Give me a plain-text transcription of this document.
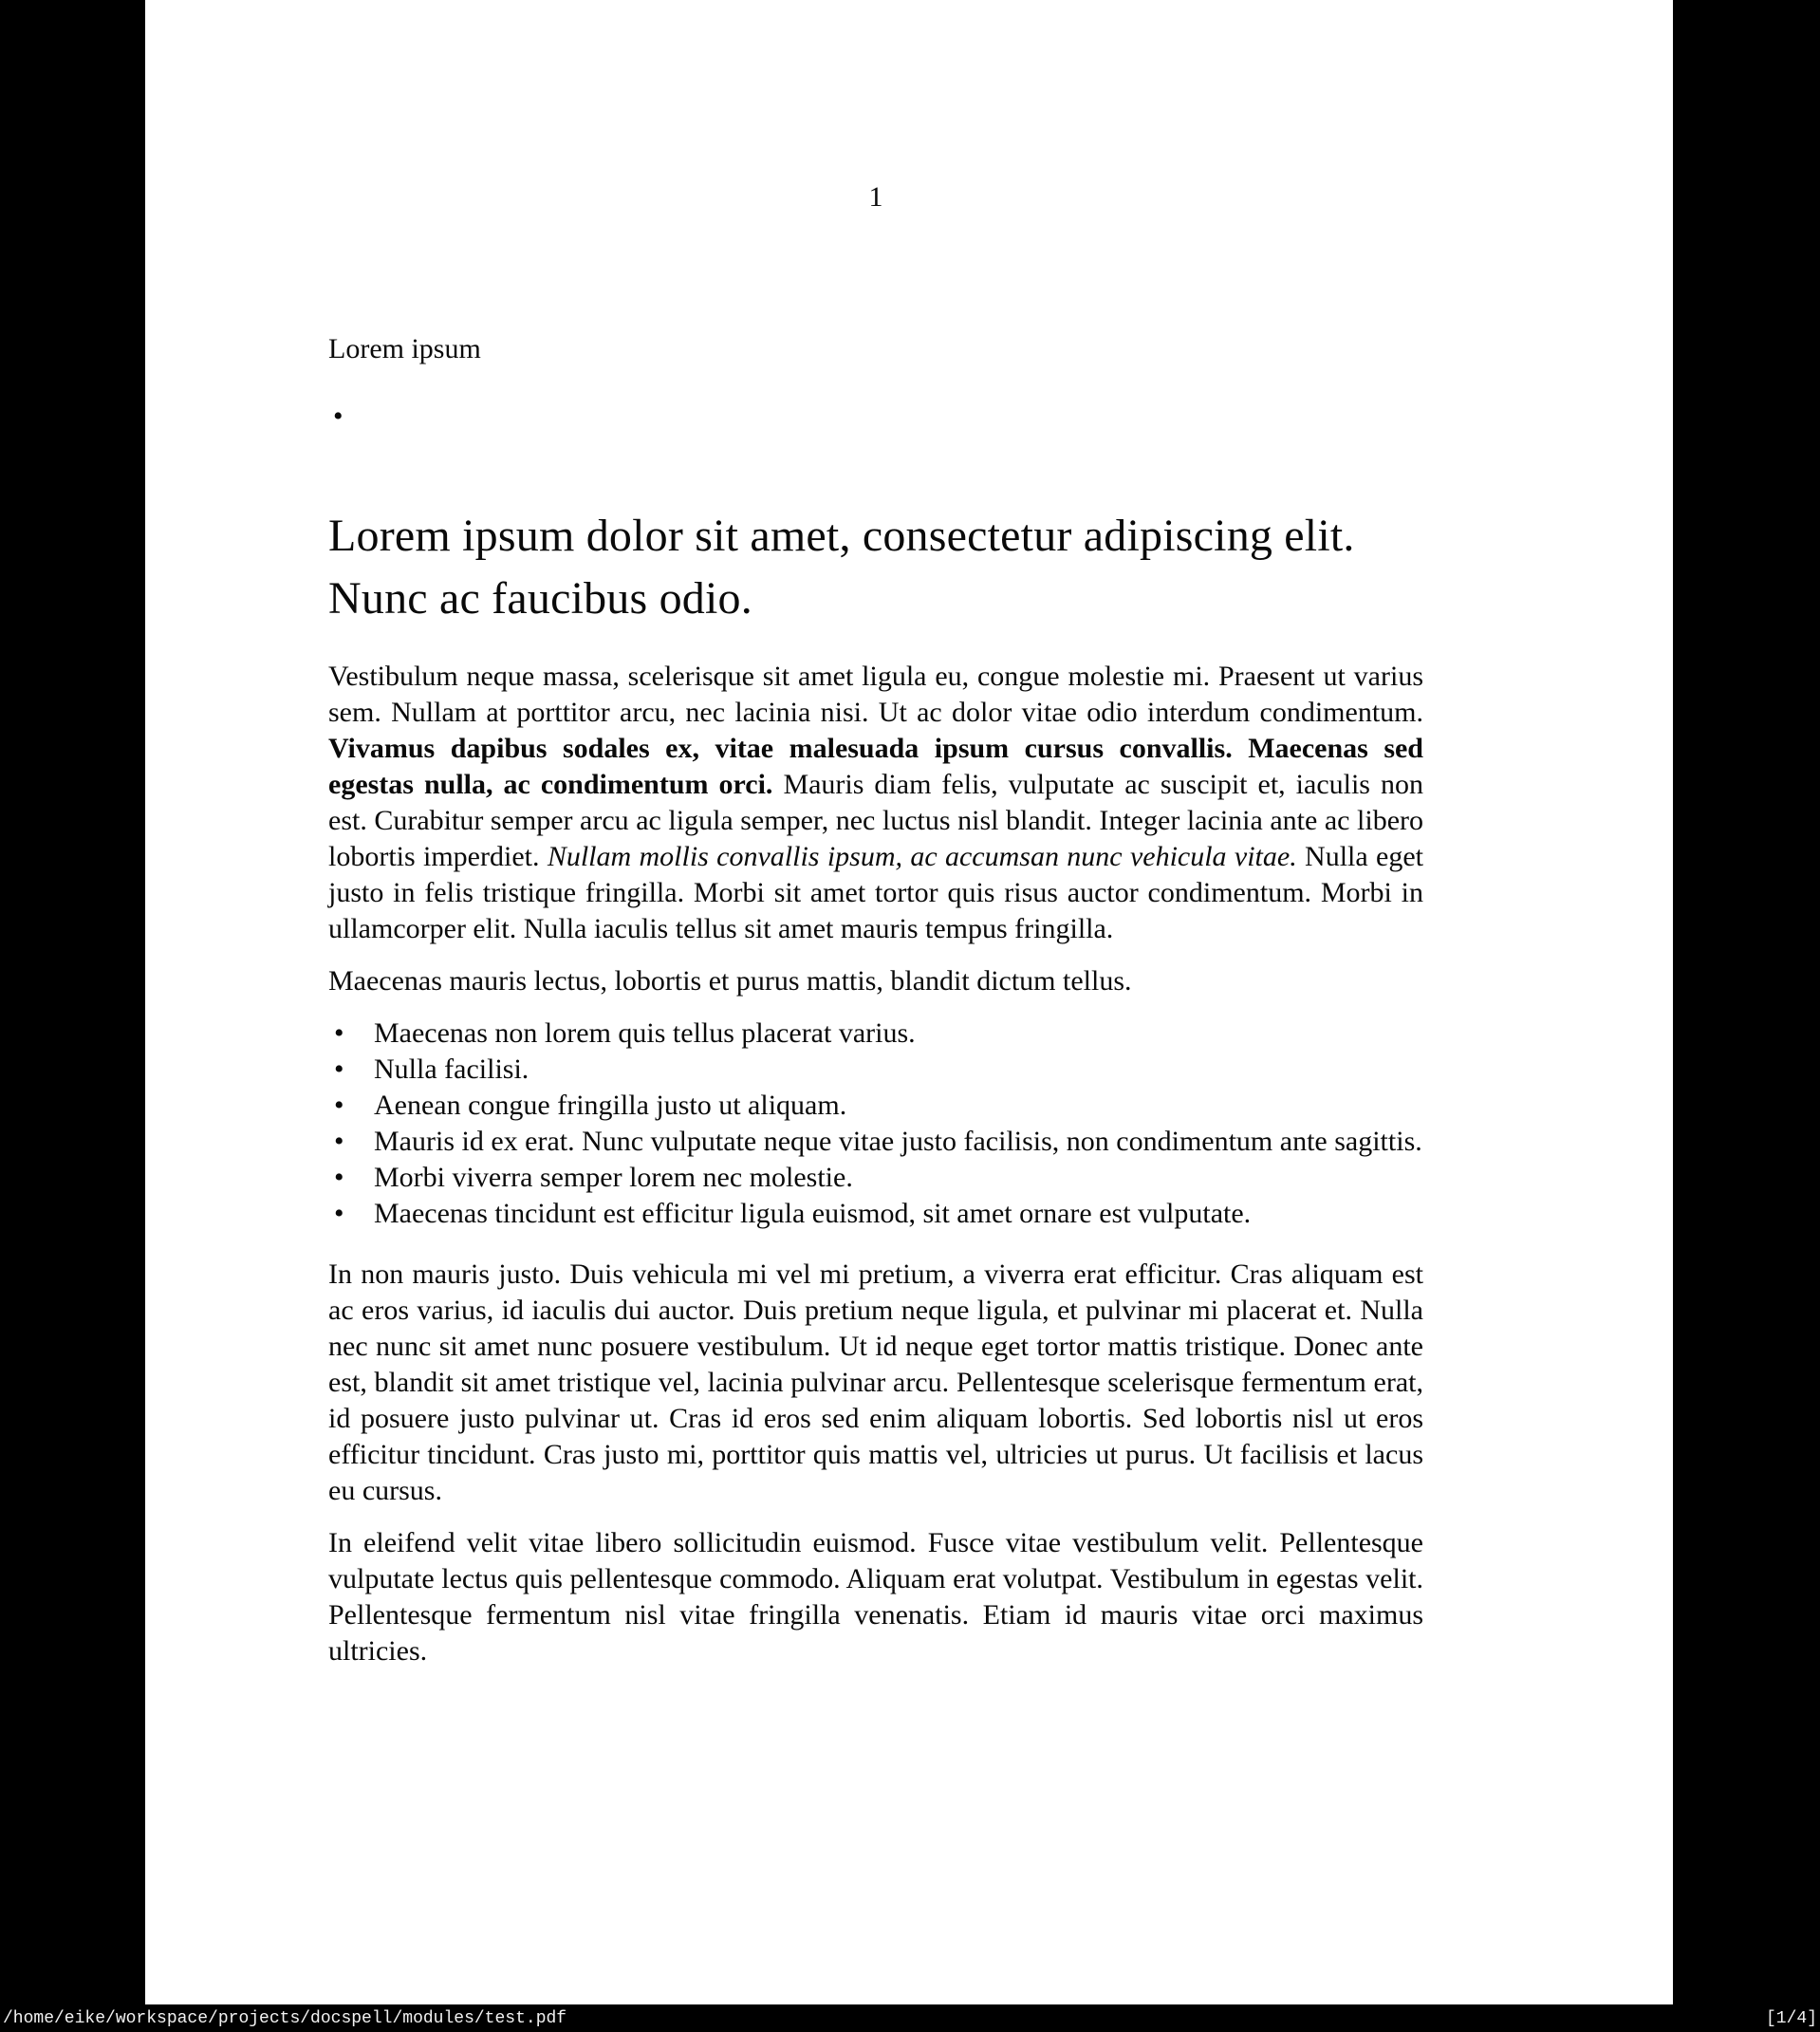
1
Lorem ipsum
•
Lorem ipsum dolor sit amet, consectetur adipiscing elit. Nunc ac faucibus odio.

Vestibulum neque massa, scelerisque sit amet ligula eu, congue molestie mi. Praesent ut varius sem. Nullam at porttitor arcu, nec lacinia nisi. Ut ac dolor vitae odio interdum condimentum. Vivamus dapibus sodales ex, vitae malesuada ipsum cursus convallis. Maecenas sed egestas nulla, ac condimentum orci. Mauris diam felis, vulputate ac suscipit et, iaculis non est. Curabitur semper arcu ac ligula semper, nec luctus nisl blandit. Integer lacinia ante ac libero lobortis imperdiet. Nullam mollis convallis ipsum, ac accumsan nunc vehicula vitae. Nulla eget justo in felis tristique fringilla. Morbi sit amet tortor quis risus auctor condimentum. Morbi in ullamcorper elit. Nulla iaculis tellus sit amet mauris tempus fringilla.

Maecenas mauris lectus, lobortis et purus mattis, blandit dictum tellus.

• Maecenas non lorem quis tellus placerat varius.
• Nulla facilisi.
• Aenean congue fringilla justo ut aliquam.
• Mauris id ex erat. Nunc vulputate neque vitae justo facilisis, non condimentum ante sagittis.
• Morbi viverra semper lorem nec molestie.
• Maecenas tincidunt est efficitur ligula euismod, sit amet ornare est vulputate.

In non mauris justo. Duis vehicula mi vel mi pretium, a viverra erat efficitur. Cras aliquam est ac eros varius, id iaculis dui auctor. Duis pretium neque ligula, et pulvinar mi placerat et. Nulla nec nunc sit amet nunc posuere vestibulum. Ut id neque eget tortor mattis tristique. Donec ante est, blandit sit amet tristique vel, lacinia pulvinar arcu. Pellentesque scelerisque fermentum erat, id posuere justo pulvinar ut. Cras id eros sed enim aliquam lobortis. Sed lobortis nisl ut eros efficitur tincidunt. Cras justo mi, porttitor quis mattis vel, ultricies ut purus. Ut facilisis et lacus eu cursus.

In eleifend velit vitae libero sollicitudin euismod. Fusce vitae vestibulum velit. Pellentesque vulputate lectus quis pellentesque commodo. Aliquam erat volutpat. Vestibulum in egestas velit. Pellentesque fermentum nisl vitae fringilla venenatis. Etiam id mauris vitae orci maximus ultricies.

/home/eike/workspace/projects/docspell/modules/test.pdf	[1/4]
